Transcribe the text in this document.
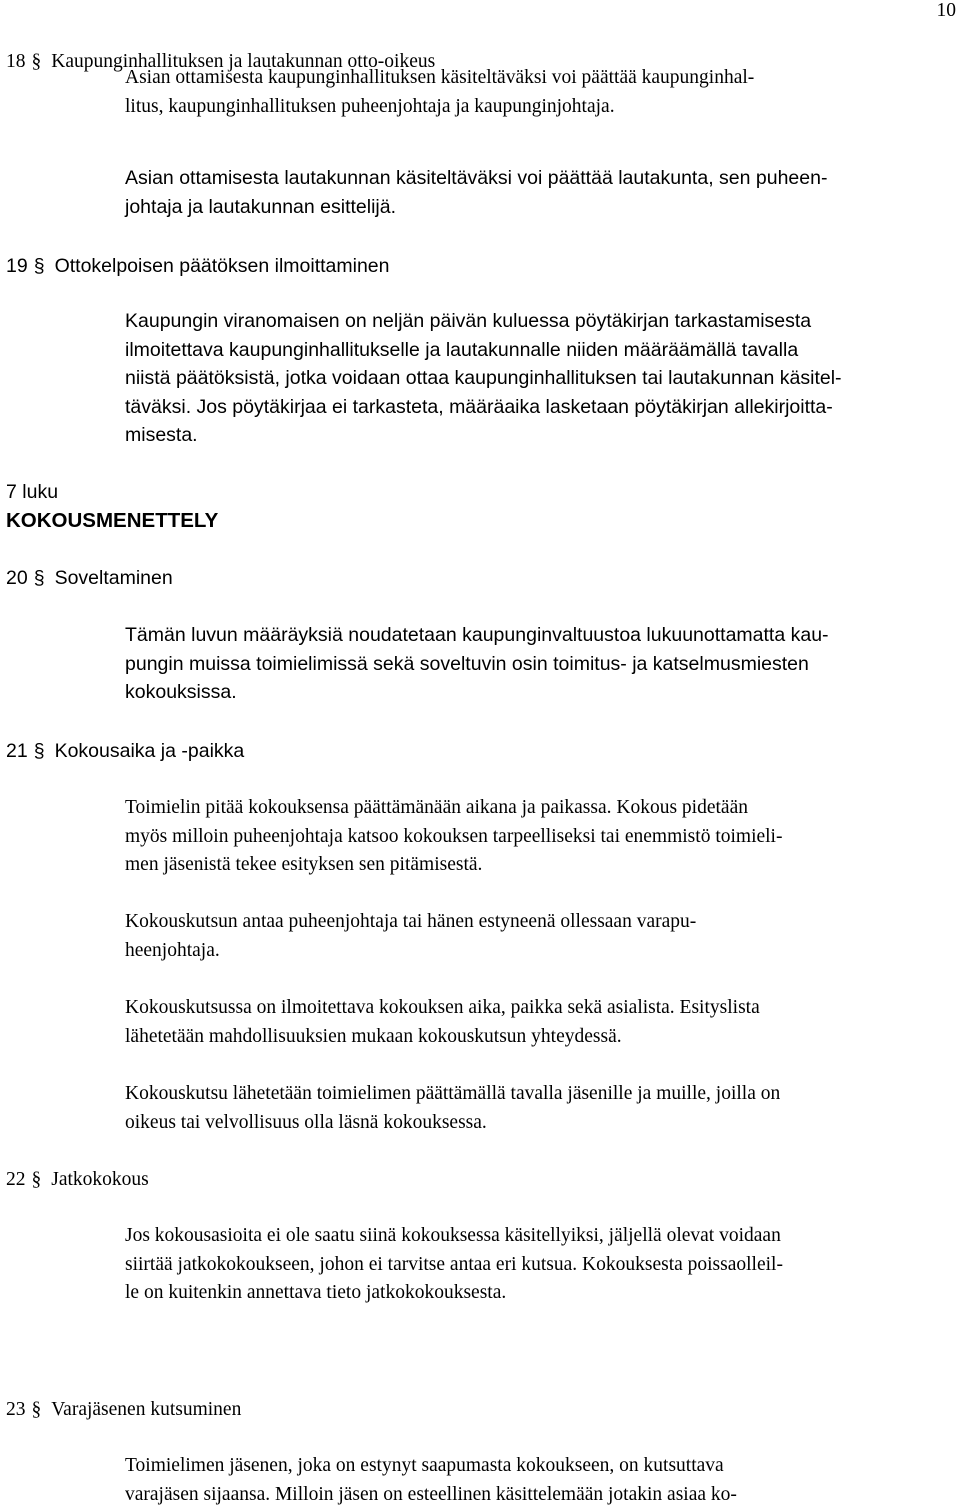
10
18 § Kaupunginhallituksen ja lautakunnan otto-oikeus
Asian ottamisesta kaupunginhallituksen käsiteltäväksi voi päättää kaupunginhal-
litus, kaupunginhallituksen puheenjohtaja ja kaupunginjohtaja.
Asian ottamisesta lautakunnan käsiteltäväksi voi päättää lautakunta, sen puheen-
johtaja ja lautakunnan esittelijä.
19 § Ottokelpoisen päätöksen ilmoittaminen
Kaupungin viranomaisen on neljän päivän kuluessa pöytäkirjan tarkastamisesta
ilmoitettava kaupunginhallitukselle ja lautakunnalle niiden määräämällä tavalla
niistä päätöksistä, jotka voidaan ottaa kaupunginhallituksen tai lautakunnan käsitel-
täväksi. Jos pöytäkirjaa ei tarkasteta, määräaika lasketaan pöytäkirjan allekirjoitta-
misesta.
7 luku
KOKOUSMENETTELY
20 § Soveltaminen
Tämän luvun määräyksiä noudatetaan kaupunginvaltuustoa lukuunottamatta kau-
pungin muissa toimielimissä sekä soveltuvin osin toimitus- ja katselmusmiesten
kokouksissa.
21 § Kokousaika ja -paikka
Toimielin pitää kokouksensa päättämänään aikana ja paikassa. Kokous pidetään
myös milloin puheenjohtaja katsoo kokouksen tarpeelliseksi tai enemmistö toimieli-
men jäsenistä tekee esityksen sen pitämisestä.
Kokouskutsun antaa puheenjohtaja tai hänen estyneenä ollessaan varapu-
heenjohtaja.
Kokouskutsussa on ilmoitettava kokouksen aika, paikka sekä asialista. Esityslista
lähetetään mahdollisuuksien mukaan kokouskutsun yhteydessä.
Kokouskutsu lähetetään toimielimen päättämällä tavalla jäsenille ja muille, joilla on
oikeus tai velvollisuus olla läsnä kokouksessa.
22 § Jatkokokous
Jos kokousasioita ei ole saatu siinä kokouksessa käsitellyiksi, jäljellä olevat voidaan
siirtää jatkokokoukseen, johon ei tarvitse antaa eri kutsua. Kokouksesta poissaolleil-
le on kuitenkin annettava tieto jatkokokouksesta.
23 § Varajäsenen kutsuminen
Toimielimen jäsenen, joka on estynyt saapumasta kokoukseen, on kutsuttava
varajäsen sijaansa. Milloin jäsen on esteellinen käsittelemään jotakin asiaa ko-
